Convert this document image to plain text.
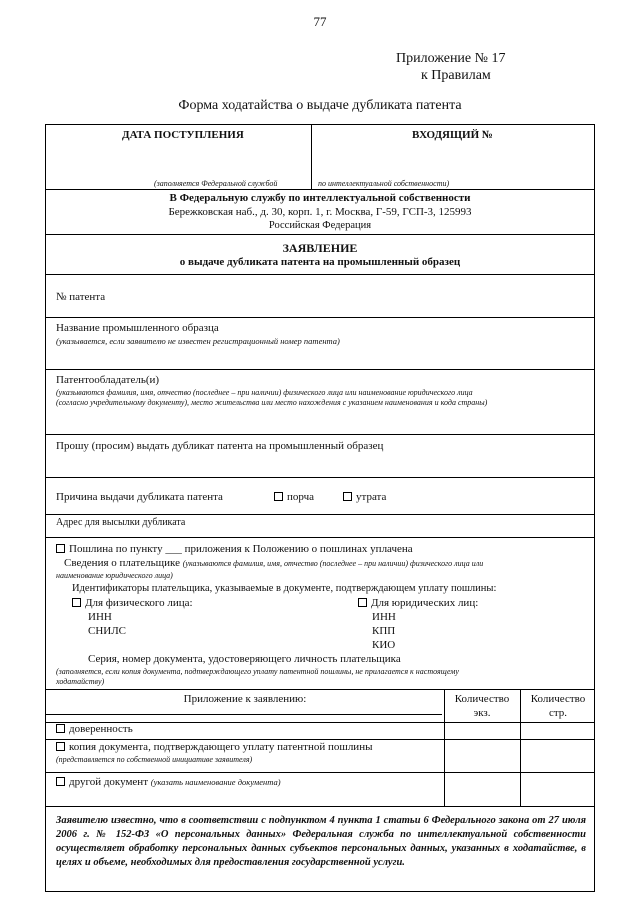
77
Приложение № 17
к Правилам
Форма ходатайства о выдаче дубликата патента
ДАТА ПОСТУПЛЕНИЯ	ВХОДЯЩИЙ №
(заполняется Федеральной службой	по интеллектуальной собственности)
В Федеральную службу по интеллектуальной собственности
Бережковская наб., д. 30, корп. 1, г. Москва, Г-59, ГСП-3, 125993
Российская Федерация
ЗАЯВЛЕНИЕ
о выдаче дубликата патента на промышленный образец
№ патента
Название промышленного образца
(указывается, если заявителю не известен регистрационный номер патента)
Патентообладатель(и)
(указываются фамилия, имя, отчество (последнее – при наличии) физического лица или наименование юридического лица
(согласно учредительному документу), место жительства или место нахождения с указанием наименования и кода страны)
Прошу (просим) выдать дубликат патента на промышленный образец
Причина выдачи дубликата патента	порча	утрата
Адрес для высылки дубликата
Пошлина по пункту ___ приложения к Положению о пошлинах уплачена
Сведения о плательщике (указываются фамилия, имя, отчество (последнее – при наличии) физического лица или
наименование юридического лица)
Идентификаторы плательщика, указываемые в документе, подтверждающем уплату пошлины:
Для физического лица:
ИНН
СНИЛС
Для юридических лиц:
ИНН
КПП
КИО
Серия, номер документа, удостоверяющего личность плательщика
(заполняется, если копия документа, подтверждающего уплату патентной пошлины, не прилагается к настоящему
ходатайству)
Приложение к заявлению:	Количество
экз.
Количество
стр.
доверенность
копия документа, подтверждающего уплату патентной пошлины
(представляется по собственной инициативе заявителя)
другой документ (указать наименование документа)
Заявителю известно, что в соответствии с подпунктом 4 пункта 1 статьи 6 Федерального закона от 27 июля 2006 г. № 152-ФЗ «О персональных данных» Федеральная служба по интеллектуальной собственности осуществляет обработку персональных данных субъектов персональных данных, указанных в ходатайстве, в целях и объеме, необходимых для предоставления государственной услуги.
